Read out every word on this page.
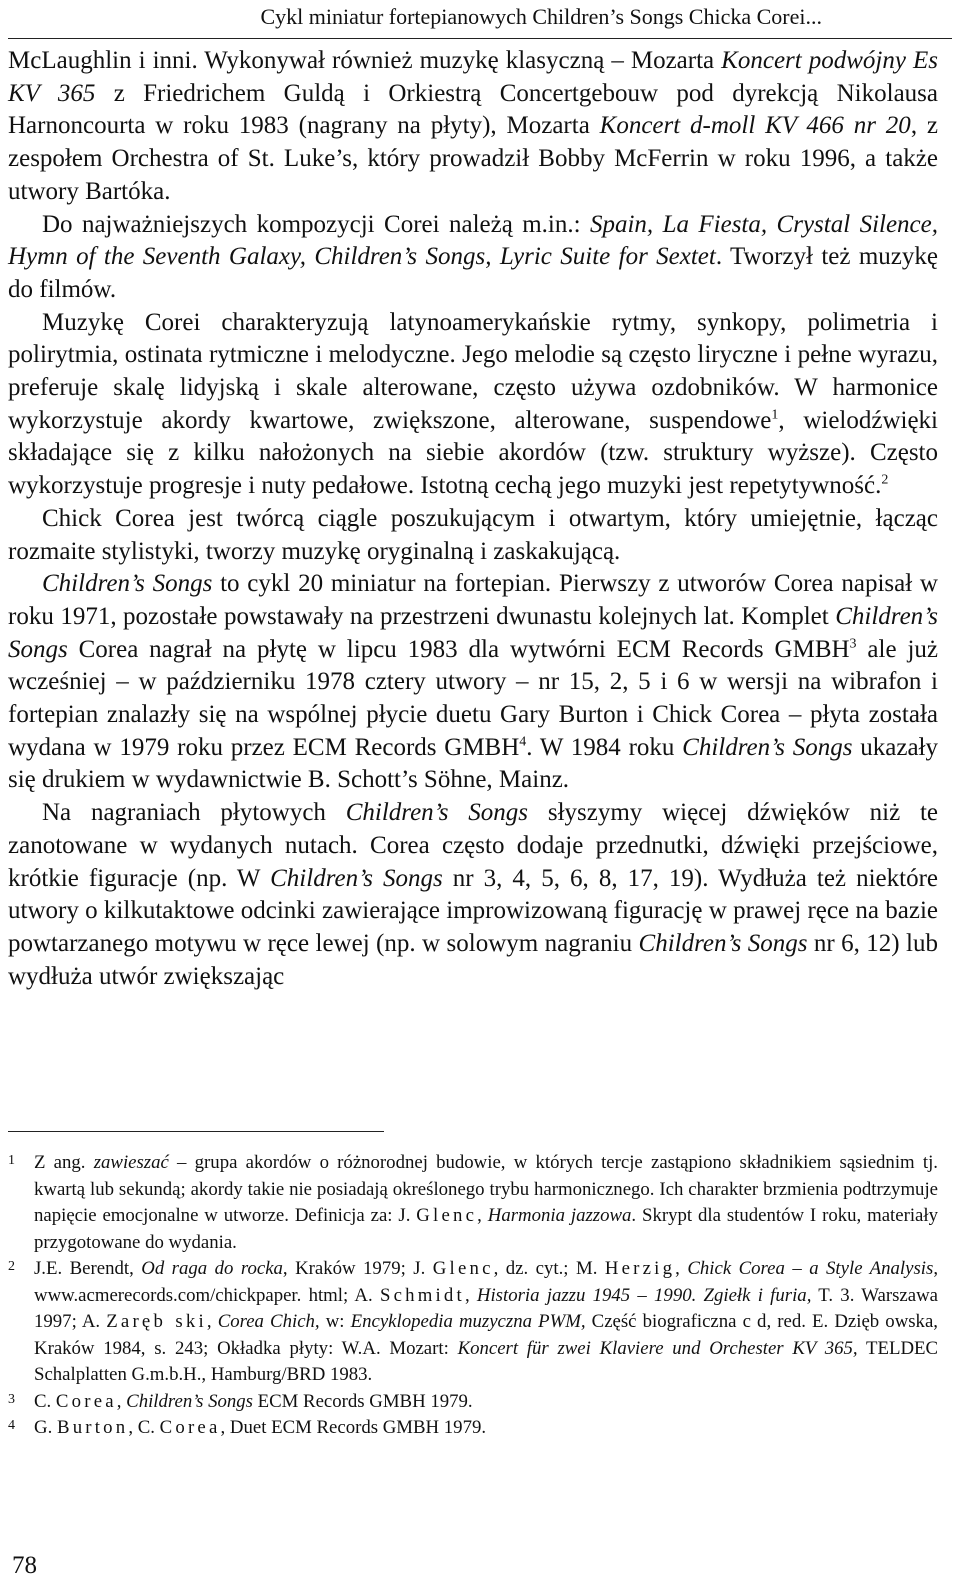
Cykl miniatur fortepianowych Children’s Songs Chicka Corei...

McLaughlin i inni. Wykonywał również muzykę klasyczną – Mozarta Koncert podwójny Es KV 365 z Friedrichem Guldą i Orkiestrą Concertgebouw pod dyrekcją Nikolausa Harnoncourta w roku 1983 (nagrany na płyty), Mozarta Koncert d-moll KV 466 nr 20, z zespołem Orchestra of St. Luke’s, który prowadził Bobby McFerrin w roku 1996, a także utwory Bartóka.

Do najważniejszych kompozycji Corei należą m.in.: Spain, La Fiesta, Crystal Silence, Hymn of the Seventh Galaxy, Children’s Songs, Lyric Suite for Sextet. Tworzył też muzykę do filmów.

Muzykę Corei charakteryzują latynoamerykańskie rytmy, synkopy, polimetria i polirytmia, ostinata rytmiczne i melodyczne. Jego melodie są często liryczne i pełne wyrazu, preferuje skalę lidyjską i skale alterowane, często używa ozdobników. W harmonice wykorzystuje akordy kwartowe, zwiększone, alterowane, suspendowe$^1$, wielodźwięki składające się z kilku nałożonych na siebie akordów (tzw. struktury wyższe). Często wykorzystuje progresje i nuty pedałowe. Istotną cechą jego muzyki jest repetytywność.$^2$

Chick Corea jest twórcą ciągle poszukującym i otwartym, który umiejętnie, łącząc rozmaite stylistyki, tworzy muzykę oryginalną i zaskakującą.

Children’s Songs to cykl 20 miniatur na fortepian. Pierwszy z utworów Corea napisał w roku 1971, pozostałe powstawały na przestrzeni dwunastu kolejnych lat. Komplet Children’s Songs Corea nagrał na płytę w lipcu 1983 dla wytwórni ECM Records GMBH$^3$ ale już wcześniej – w październiku 1978 cztery utwory – nr 15, 2, 5 i 6 w wersji na wibrafon i fortepian znalazły się na wspólnej płycie duetu Gary Burton i Chick Corea – płyta została wydana w 1979 roku przez ECM Records GMBH$^4$. W 1984 roku Children’s Songs ukazały się drukiem w wydawnictwie B. Schott’s Söhne, Mainz.

Na nagraniach płytowych Children’s Songs słyszymy więcej dźwięków niż te zanotowane w wydanych nutach. Corea często dodaje przednutki, dźwięki przejściowe, krótkie figuracje (np. W Children’s Songs nr 3, 4, 5, 6, 8, 17, 19). Wydłuża też niektóre utwory o kilkutaktowe odcinki zawierające improwizowaną figurację w prawej ręce na bazie powtarzanego motywu w ręce lewej (np. w solowym nagraniu Children’s Songs nr 6, 12) lub wydłuża utwór zwiększając

1 Z ang. zawieszać – grupa akordów o różnorodnej budowie, w których tercje zastąpiono składnikiem sąsiednim tj. kwartą lub sekundą; akordy takie nie posiadają określonego trybu harmonicznego. Ich charakter brzmienia podtrzymuje napięcie emocjonalne w utworze. Definicja za: J. Glenc, Harmonia jazzowa. Skrypt dla studentów I roku, materiały przygotowane do wydania.

2 J.E. Berendt, Od raga do rocka, Kraków 1979; J. Glenc, dz. cyt.; M. Herzig, Chick Corea – a Style Analysis, www.acmerecords.com/chickpaper. html; A. Schmidt, Historia jazzu 1945 – 1990. Zgiełk i furia, T. 3. Warszawa 1997; A. Zaręb ski, Corea Chich, w: Encyklopedia muzyczna PWM, Część biograficzna c d, red. E. Dzięb owska, Kraków 1984, s. 243; Okładka płyty: W.A. Mozart: Koncert für zwei Klaviere und Orchester KV 365, TELDEC Schalplatten G.m.b.H., Hamburg/BRD 1983.

3 C. Corea, Children’s Songs ECM Records GMBH 1979.

4 G. Burton, C. Corea, Duet ECM Records GMBH 1979.

78
